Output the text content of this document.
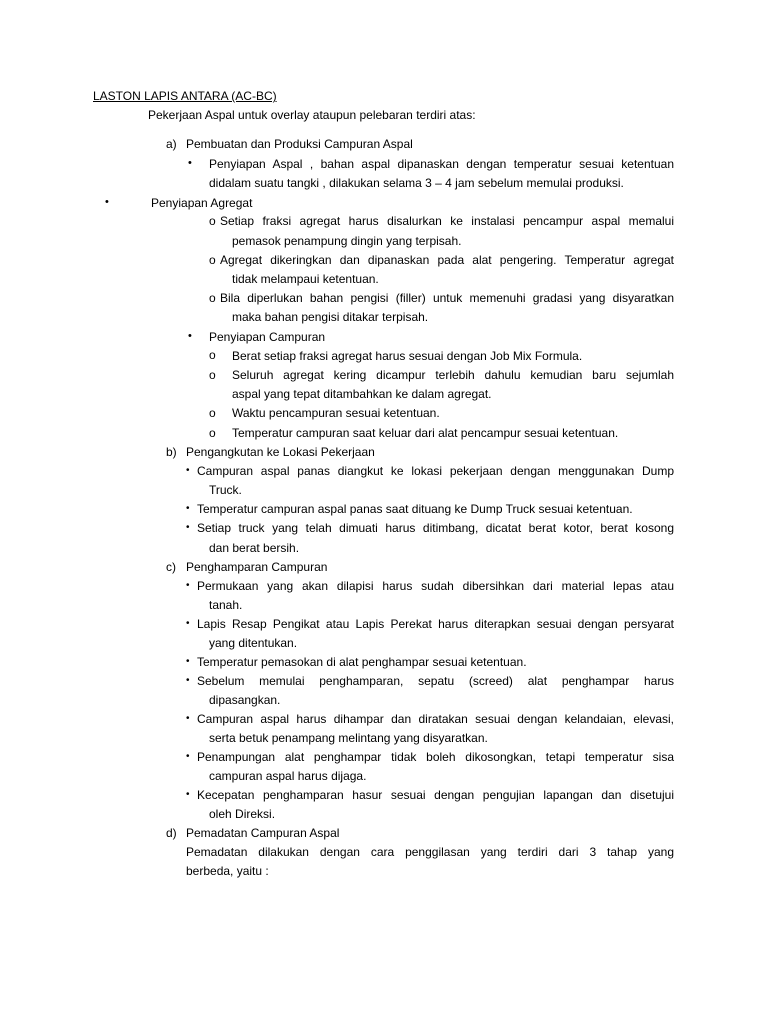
LASTON LAPIS ANTARA (AC-BC)
Pekerjaan Aspal untuk overlay ataupun pelebaran terdiri atas:
a) Pembuatan dan Produksi Campuran Aspal
• Penyiapan Aspal , bahan aspal dipanaskan dengan temperatur sesuai ketentuan
didalam suatu tangki , dilakukan selama 3 – 4 jam sebelum memulai produksi.
•	Penyiapan Agregat
o Setiap fraksi agregat harus disalurkan ke instalasi pencampur aspal memalui
pemasok penampung dingin yang terpisah.
o Agregat dikeringkan dan dipanaskan pada alat pengering. Temperatur agregat
tidak melampaui ketentuan.
o Bila diperlukan bahan pengisi (filler) untuk memenuhi gradasi yang disyaratkan
maka bahan pengisi ditakar terpisah.
• Penyiapan Campuran
o Berat setiap fraksi agregat harus sesuai dengan Job Mix Formula.
o Seluruh agregat kering dicampur terlebih dahulu kemudian baru sejumlah
aspal yang tepat ditambahkan ke dalam agregat.
o Waktu pencampuran sesuai ketentuan.
o Temperatur campuran saat keluar dari alat pencampur sesuai ketentuan.
b) Pengangkutan ke Lokasi Pekerjaan
• Campuran aspal panas diangkut ke lokasi pekerjaan dengan menggunakan Dump
Truck.
• Temperatur campuran aspal panas saat dituang ke Dump Truck sesuai ketentuan.
• Setiap truck yang telah dimuati harus ditimbang, dicatat berat kotor, berat kosong
dan berat bersih.
c) Penghamparan Campuran
• Permukaan yang akan dilapisi harus sudah dibersihkan dari material lepas atau
tanah.
• Lapis Resap Pengikat atau Lapis Perekat harus diterapkan sesuai dengan persyarat
yang ditentukan.
• Temperatur pemasokan di alat penghampar sesuai ketentuan.
• Sebelum memulai penghamparan, sepatu (screed) alat penghampar harus
dipasangkan.
• Campuran aspal harus dihampar dan diratakan sesuai dengan kelandaian, elevasi,
serta betuk penampang melintang yang disyaratkan.
• Penampungan alat penghampar tidak boleh dikosongkan, tetapi temperatur sisa
campuran aspal harus dijaga.
• Kecepatan penghamparan hasur sesuai dengan pengujian lapangan dan disetujui
oleh Direksi.
d) Pemadatan Campuran Aspal
Pemadatan dilakukan dengan cara penggilasan yang terdiri dari 3 tahap yang
berbeda, yaitu :
